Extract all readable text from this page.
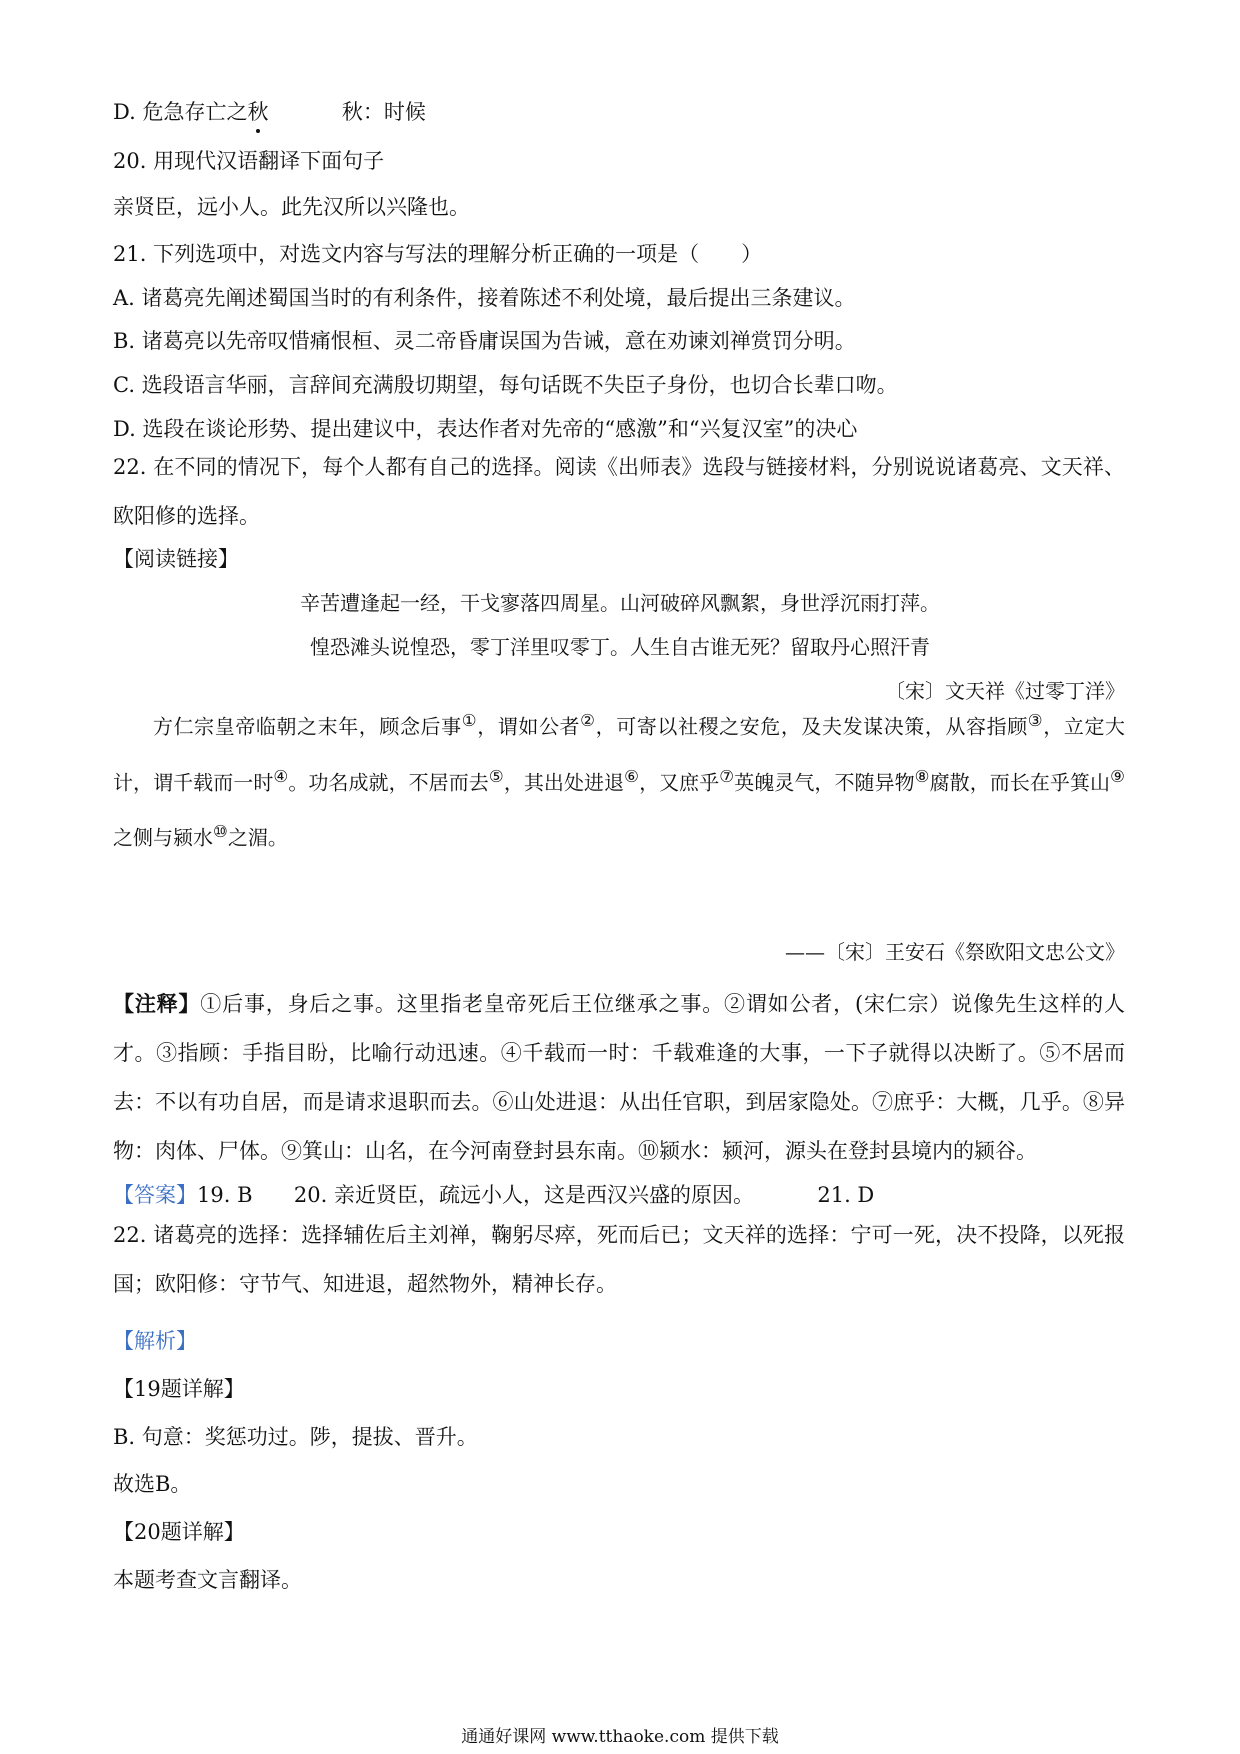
D. 危急存亡之秋	秋：时候
20. 用现代汉语翻译下面句子
亲贤臣，远小人。此先汉所以兴隆也。
21. 下列选项中，对选文内容与写法的理解分析正确的一项是（　　）
A. 诸葛亮先阐述蜀国当时的有利条件，接着陈述不利处境，最后提出三条建议。
B. 诸葛亮以先帝叹惜痛恨桓、灵二帝昏庸误国为告诫，意在劝谏刘禅赏罚分明。
C. 选段语言华丽，言辞间充满殷切期望，每句话既不失臣子身份，也切合长辈口吻。
D. 选段在谈论形势、提出建议中，表达作者对先帝的“感激”和“兴复汉室”的决心
22. 在不同的情况下，每个人都有自己的选择。阅读《出师表》选段与链接材料，分别说说诸葛亮、文天祥、欧阳修的选择。
【阅读链接】
辛苦遭逢起一经，干戈寥落四周星。山河破碎风飘絮，身世浮沉雨打萍。
惶恐滩头说惶恐，零丁洋里叹零丁。人生自古谁无死？留取丹心照汗青
〔宋〕文天祥《过零丁洋》
方仁宗皇帝临朝之末年，顾念后事①，谓如公者②，可寄以社稷之安危，及夫发谋决策，从容指顾③，立定大计，谓千载而一时④。功名成就，不居而去⑤，其出处进退⑥，又庶乎⑦英魄灵气，不随异物⑧腐散，而长在乎箕山⑨之侧与颍水⑩之湄。
——〔宋〕王安石《祭欧阳文忠公文》
【注释】①后事，身后之事。这里指老皇帝死后王位继承之事。②谓如公者，(宋仁宗）说像先生这样的人才。③指顾：手指目盼，比喻行动迅速。④千载而一时：千载难逢的大事，一下子就得以决断了。⑤不居而去：不以有功自居，而是请求退职而去。⑥山处进退：从出任官职，到居家隐处。⑦庶乎：大概，几乎。⑧异物：肉体、尸体。⑨箕山：山名，在今河南登封县东南。⑩颍水：颍河，源头在登封县境内的颍谷。
【答案】19. B 20. 亲近贤臣，疏远小人，这是西汉兴盛的原因。	21. D
22. 诸葛亮的选择：选择辅佐后主刘禅，鞠躬尽瘁，死而后已；文天祥的选择：宁可一死，决不投降，以死报国；欧阳修：守节气、知进退，超然物外，精神长存。
【解析】
【19题详解】
B. 句意：奖惩功过。陟，提拔、晋升。
故选B。
【20题详解】
本题考查文言翻译。
通通好课网 www.tthaoke.com 提供下载
